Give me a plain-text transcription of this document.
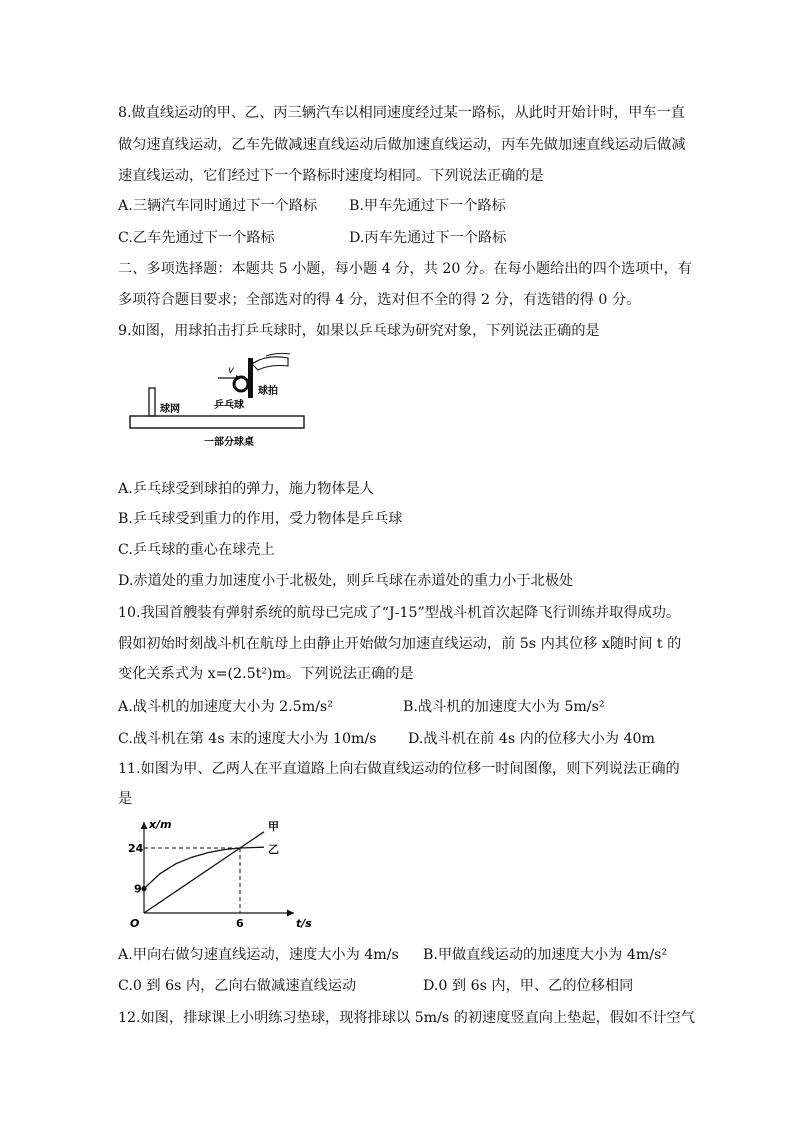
8.做直线运动的甲、乙、丙三辆汽车以相同速度经过某一路标，从此时开始计时，甲车一直
做匀速直线运动，乙车先做减速直线运动后做加速直线运动，丙车先做加速直线运动后做减
速直线运动，它们经过下一个路标时速度均相同。下列说法正确的是
A.三辆汽车同时通过下一个路标 B.甲车先通过下一个路标
C.乙车先通过下一个路标	D.丙车先通过下一个路标
二、多项选择题：本题共 5 小题，每小题 4 分，共 20 分。在每小题给出的四个选项中，有
多项符合题目要求；全部选对的得 4 分，选对但不全的得 2 分，有选错的得 0 分。
9.如图，用球拍击打乒乓球时，如果以乒乓球为研究对象，下列说法正确的是
球网
球拍
v
乒乓球
一部分球桌
A.乒乓球受到球拍的弹力，施力物体是人
B.乒乓球受到重力的作用，受力物体是乒乓球
C.乒乓球的重心在球壳上
D.赤道处的重力加速度小于北极处，则乒乓球在赤道处的重力小于北极处
10.我国首艘装有弹射系统的航母已完成了“J-15”型战斗机首次起降飞行训练并取得成功。
假如初始时刻战斗机在航母上由静止开始做匀加速直线运动，前 5s 内其位移 x随时间 t 的
变化关系式为 x=(2.5t²)m。下列说法正确的是
A.战斗机的加速度大小为 2.5m/s²	B.战斗机的加速度大小为 5m/s²
C.战斗机在第 4s 末的速度大小为 10m/s D.战斗机在前 4s 内的位移大小为 40m
11.如图为甲、乙两人在平直道路上向右做直线运动的位移一时间图像，则下列说法正确的
是
x/m
t/s
O
甲
乙
24
9
6
A.甲向右做匀速直线运动，速度大小为 4m/s B.甲做直线运动的加速度大小为 4m/s²
C.0 到 6s 内，乙向右做减速直线运动	D.0 到 6s 内，甲、乙的位移相同
12.如图，排球课上小明练习垫球，现将排球以 5m/s 的初速度竖直向上垫起，假如不计空气
